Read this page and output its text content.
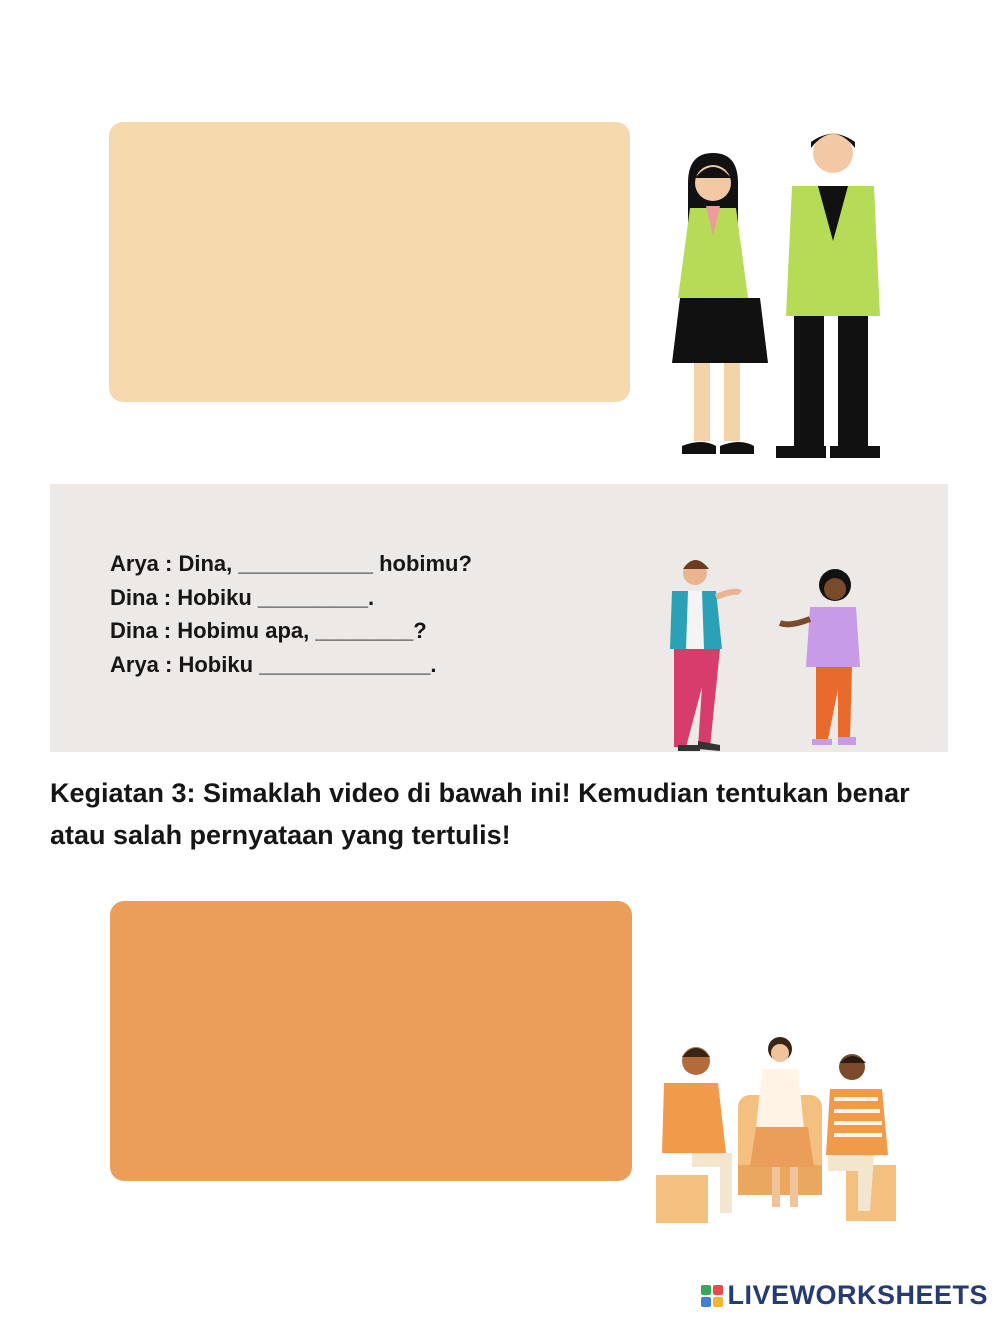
Arya : Dina, ___________ hobimu?
Dina : Hobiku _________.
Dina : Hobimu apa, ________?
Arya : Hobiku ______________.
Kegiatan 3: Simaklah video di bawah ini! Kemudian tentukan benar atau salah pernyataan yang tertulis!
LIVEWORKSHEETS
